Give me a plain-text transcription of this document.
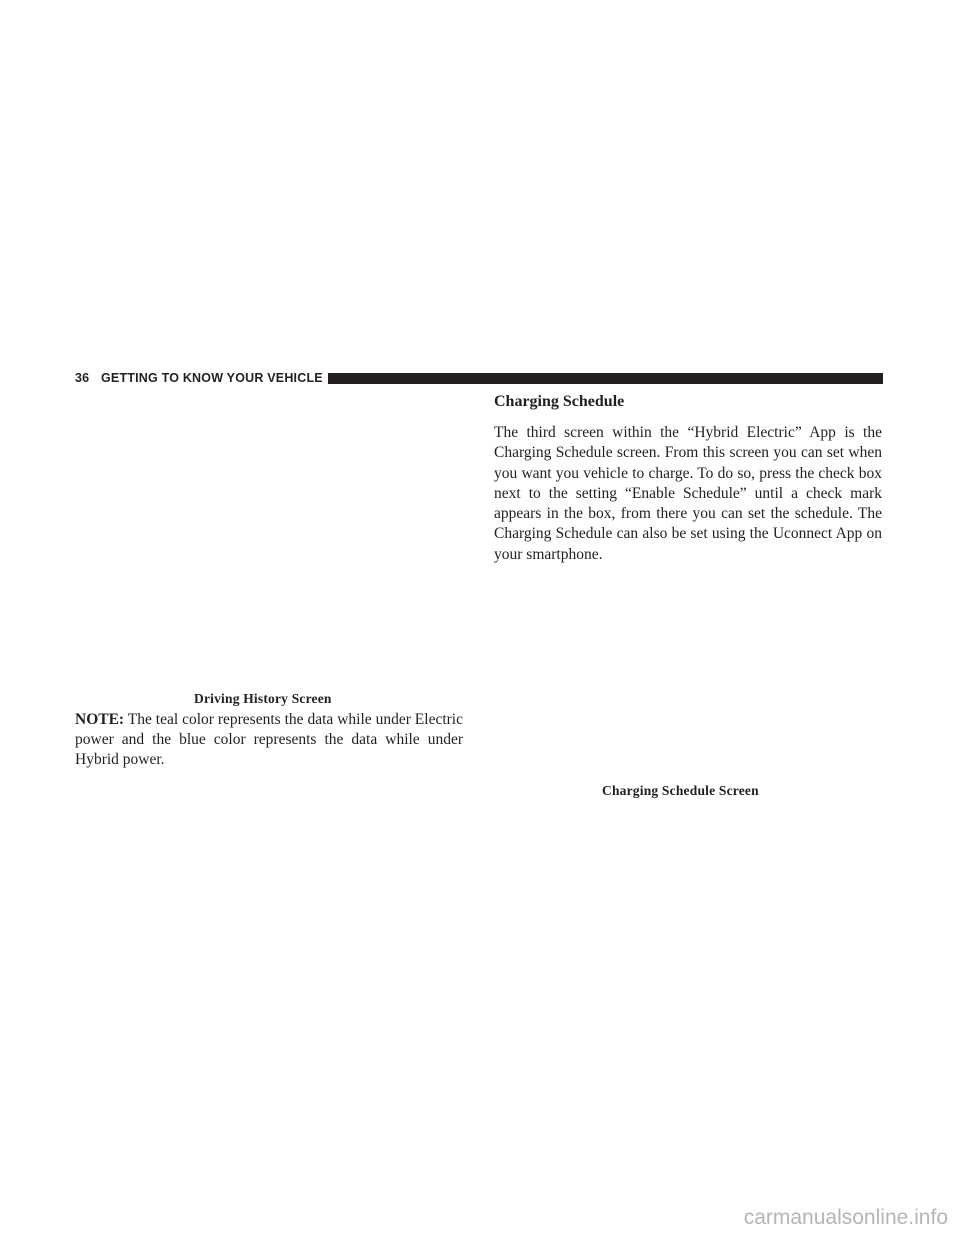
36 GETTING TO KNOW YOUR VEHICLE
Driving History Screen
NOTE: The teal color represents the data while under Electric power and the blue color represents the data while under Hybrid power.
Charging Schedule
The third screen within the “Hybrid Electric” App is the Charging Schedule screen. From this screen you can set when you want you vehicle to charge. To do so, press the check box next to the setting “Enable Schedule” until a check mark appears in the box, from there you can set the schedule. The Charging Schedule can also be set using the Uconnect App on your smartphone.
Charging Schedule Screen
carmanualsonline.info
